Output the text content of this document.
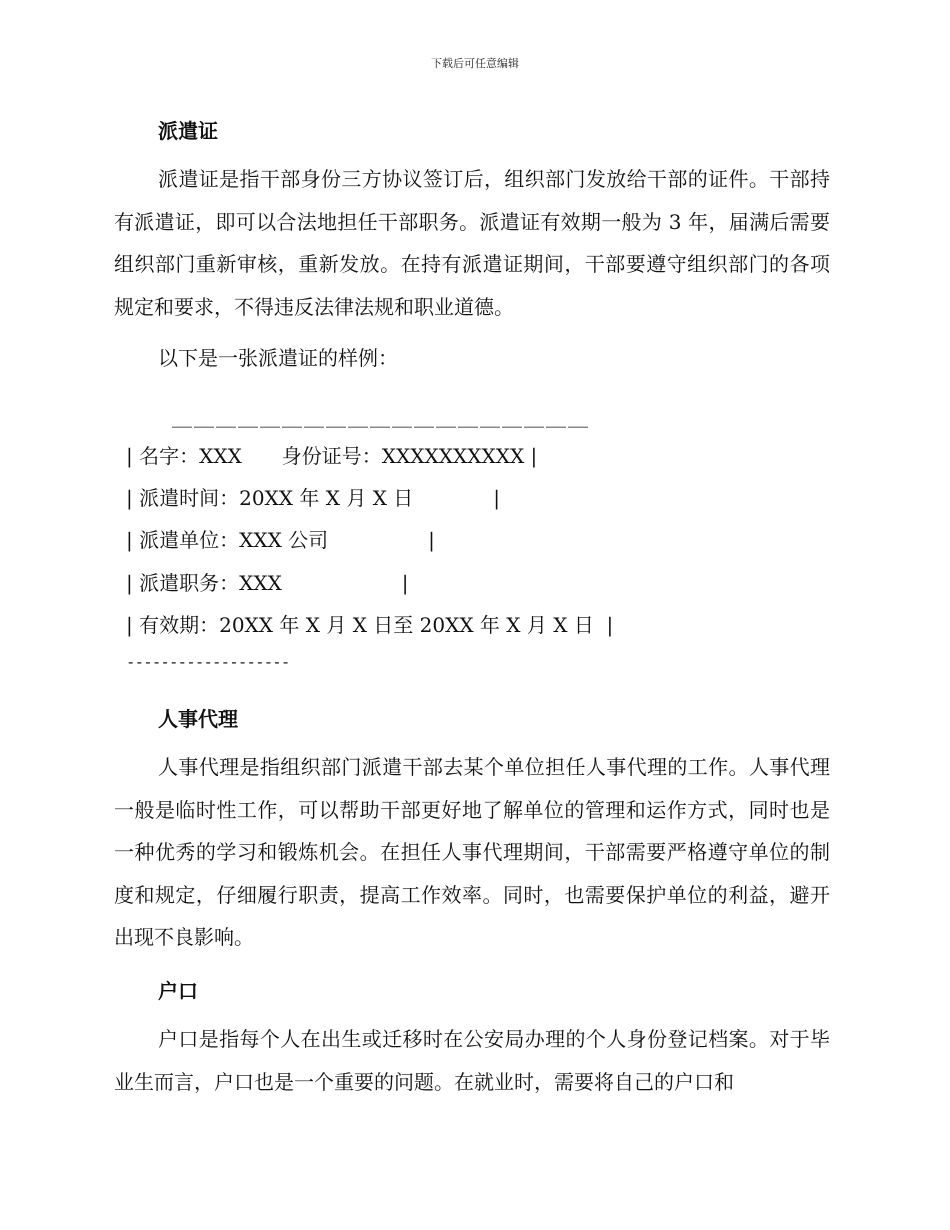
下载后可任意编辑
派遣证
派遣证是指干部身份三方协议签订后，组织部门发放给干部的证件。干部持有派遣证，即可以合法地担任干部职务。派遣证有效期一般为 3 年，届满后需要组织部门重新审核，重新发放。在持有派遣证期间，干部要遵守组织部门的各项规定和要求，不得违反法律法规和职业道德。
以下是一张派遣证的样例：
＿＿＿＿＿＿＿＿＿＿＿＿＿＿＿＿＿＿＿
| 名字：XXX　　身份证号：XXXXXXXXXX |
| 派遣时间：20XX 年 X 月 X 日　　　　|
| 派遣单位：XXX 公司　　　　　|
| 派遣职务：XXX　　　　　　|
| 有效期：20XX 年 X 月 X 日至 20XX 年 X 月 X 日  |
-------------------
人事代理
人事代理是指组织部门派遣干部去某个单位担任人事代理的工作。人事代理一般是临时性工作，可以帮助干部更好地了解单位的管理和运作方式，同时也是一种优秀的学习和锻炼机会。在担任人事代理期间，干部需要严格遵守单位的制度和规定，仔细履行职责，提高工作效率。同时，也需要保护单位的利益，避开出现不良影响。
户口
户口是指每个人在出生或迁移时在公安局办理的个人身份登记档案。对于毕业生而言，户口也是一个重要的问题。在就业时，需要将自己的户口和
